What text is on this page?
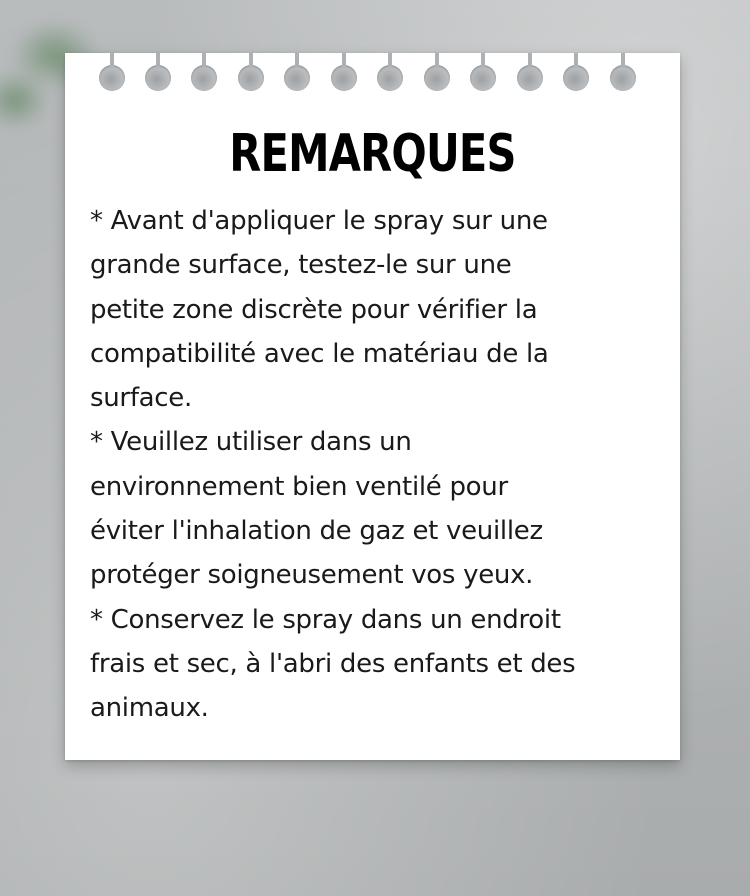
REMARQUES
* Avant d'appliquer le spray sur une
grande surface, testez-le sur une
petite zone discrète pour vérifier la
compatibilité avec le matériau de la
surface.
* Veuillez utiliser dans un
environnement bien ventilé pour
éviter l'inhalation de gaz et veuillez
protéger soigneusement vos yeux.
* Conservez le spray dans un endroit
frais et sec, à l'abri des enfants et des
animaux.
